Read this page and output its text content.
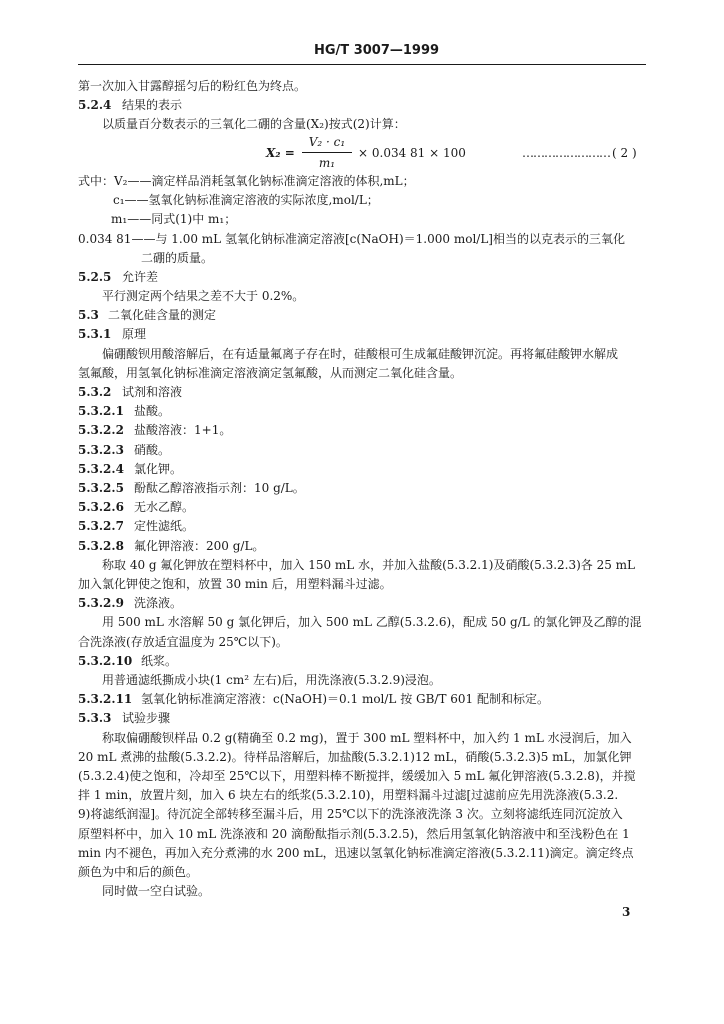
HG/T 3007—1999
第一次加入甘露醇摇匀后的粉红色为终点。
5.2.4 结果的表示
以质量百分数表示的三氧化二硼的含量(X₂)按式(2)计算：
X₂ =
V₂ · c₁
m₁
× 0.034 81 × 100	…………………… ( 2 )
式中：V₂——滴定样品消耗氢氧化钠标准滴定溶液的体积,mL；
c₁——氢氧化钠标准滴定溶液的实际浓度,mol/L；
m₁——同式(1)中 m₁；
0.034 81——与 1.00 mL 氢氧化钠标准滴定溶液[c(NaOH)＝1.000 mol/L]相当的以克表示的三氧化
二硼的质量。
5.2.5 允许差
平行测定两个结果之差不大于 0.2%。
5.3 二氧化硅含量的测定
5.3.1 原理
偏硼酸钡用酸溶解后，在有适量氟离子存在时，硅酸根可生成氟硅酸钾沉淀。再将氟硅酸钾水解成
氢氟酸，用氢氧化钠标准滴定溶液滴定氢氟酸，从而测定二氧化硅含量。
5.3.2 试剂和溶液
5.3.2.1 盐酸。
5.3.2.2 盐酸溶液：1+1。
5.3.2.3 硝酸。
5.3.2.4 氯化钾。
5.3.2.5 酚酞乙醇溶液指示剂：10 g/L。
5.3.2.6 无水乙醇。
5.3.2.7 定性滤纸。
5.3.2.8 氟化钾溶液：200 g/L。
称取 40 g 氟化钾放在塑料杯中，加入 150 mL 水，并加入盐酸(5.3.2.1)及硝酸(5.3.2.3)各 25 mL
加入氯化钾使之饱和，放置 30 min 后，用塑料漏斗过滤。
5.3.2.9 洗涤液。
用 500 mL 水溶解 50 g 氯化钾后，加入 500 mL 乙醇(5.3.2.6)，配成 50 g/L 的氯化钾及乙醇的混
合洗涤液(存放适宜温度为 25℃以下)。
5.3.2.10 纸浆。
用普通滤纸撕成小块(1 cm² 左右)后，用洗涤液(5.3.2.9)浸泡。
5.3.2.11 氢氧化钠标准滴定溶液：c(NaOH)＝0.1 mol/L 按 GB/T 601 配制和标定。
5.3.3 试验步骤
称取偏硼酸钡样品 0.2 g(精确至 0.2 mg)，置于 300 mL 塑料杯中，加入约 1 mL 水浸润后，加入
20 mL 煮沸的盐酸(5.3.2.2)。待样品溶解后，加盐酸(5.3.2.1)12 mL，硝酸(5.3.2.3)5 mL，加氯化钾
(5.3.2.4)使之饱和，冷却至 25℃以下，用塑料棒不断搅拌，缓缓加入 5 mL 氟化钾溶液(5.3.2.8)，并搅
拌 1 min，放置片刻，加入 6 块左右的纸浆(5.3.2.10)，用塑料漏斗过滤[过滤前应先用洗涤液(5.3.2.
9)将滤纸润湿]。待沉淀全部转移至漏斗后，用 25℃以下的洗涤液洗涤 3 次。立刻将滤纸连同沉淀放入
原塑料杯中，加入 10 mL 洗涤液和 20 滴酚酞指示剂(5.3.2.5)，然后用氢氧化钠溶液中和至浅粉色在 1
min 内不褪色，再加入充分煮沸的水 200 mL，迅速以氢氧化钠标准滴定溶液(5.3.2.11)滴定。滴定终点
颜色为中和后的颜色。
同时做一空白试验。
3
